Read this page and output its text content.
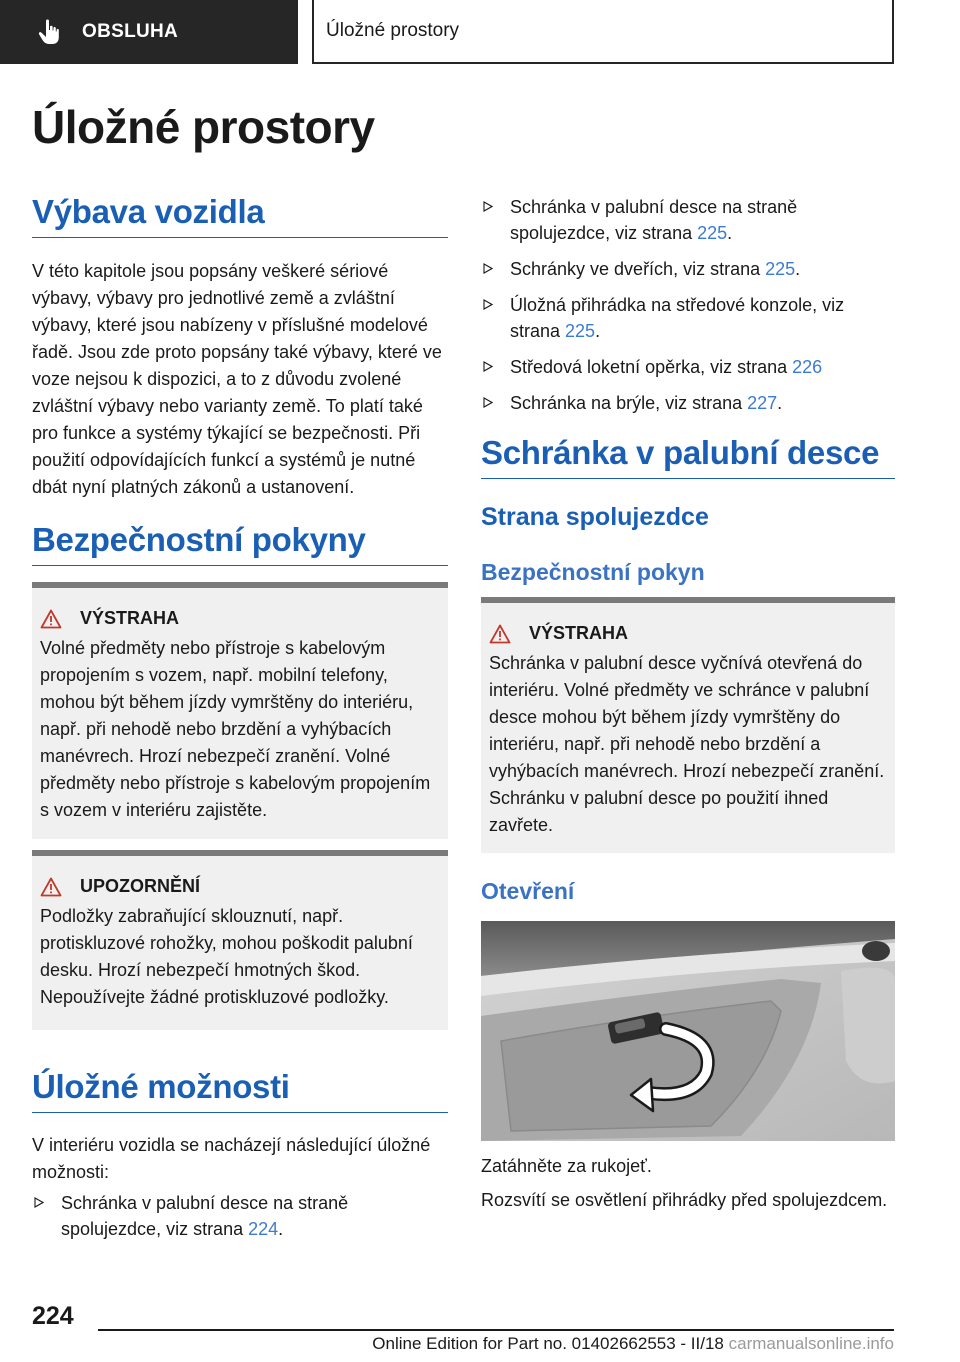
OBSLUHA	Úložné prostory
Úložné prostory
Výbava vozidla

V této kapitole jsou popsány veškeré sériové výbavy, výbavy pro jednotlivé země a zvláštní výbavy, které jsou nabízeny v příslušné modelové řadě. Jsou zde proto popsány také výbavy, které ve voze nejsou k dispozici, a to z důvodu zvolené zvláštní výbavy nebo varianty země. To platí také pro funkce a systémy týkající se bezpečnosti. Při použití odpovídajících funkcí a systémů je nutné dbát nyní platných zákonů a ustanovení.

Bezpečnostní pokyny
VÝSTRAHA

Volné předměty nebo přístroje s kabelovým propojením s vozem, např. mobilní telefony, mohou být během jízdy vymrštěny do interiéru, např. při nehodě nebo brzdění a vyhýbacích manévrech. Hrozí nebezpečí zranění. Volné předměty nebo přístroje s kabelovým propojením s vozem v interiéru zajistěte.

UPOZORNĚNÍ

Podložky zabraňující sklouznutí, např. protiskluzové rohožky, mohou poškodit palubní desku. Hrozí nebezpečí hmotných škod. Nepoužívejte žádné protiskluzové podložky.

Úložné možnosti

V interiéru vozidla se nacházejí následující úložné možnosti:

Schránka v palubní desce na straně spolujezdce, viz strana 224.
Schránka v palubní desce na straně spolujezdce, viz strana 225.
Schránky ve dveřích, viz strana 225.
Úložná přihrádka na středové konzole, viz strana 225.
Středová loketní opěrka, viz strana 226
Schránka na brýle, viz strana 227.
Schránka v palubní desce
Strana spolujezdce
Bezpečnostní pokyn
VÝSTRAHA

Schránka v palubní desce vyčnívá otevřená do interiéru. Volné předměty ve schránce v palubní desce mohou být během jízdy vymrštěny do interiéru, např. při nehodě nebo brzdění a vyhýbacích manévrech. Hrozí nebezpečí zranění. Schránku v palubní desce po použití ihned zavřete.

Otevření

Zatáhněte za rukojeť.

Rozsvítí se osvětlení přihrádky před spolujezdcem.

224

Online Edition for Part no. 01402662553 - II/18 carmanualsonline.info
